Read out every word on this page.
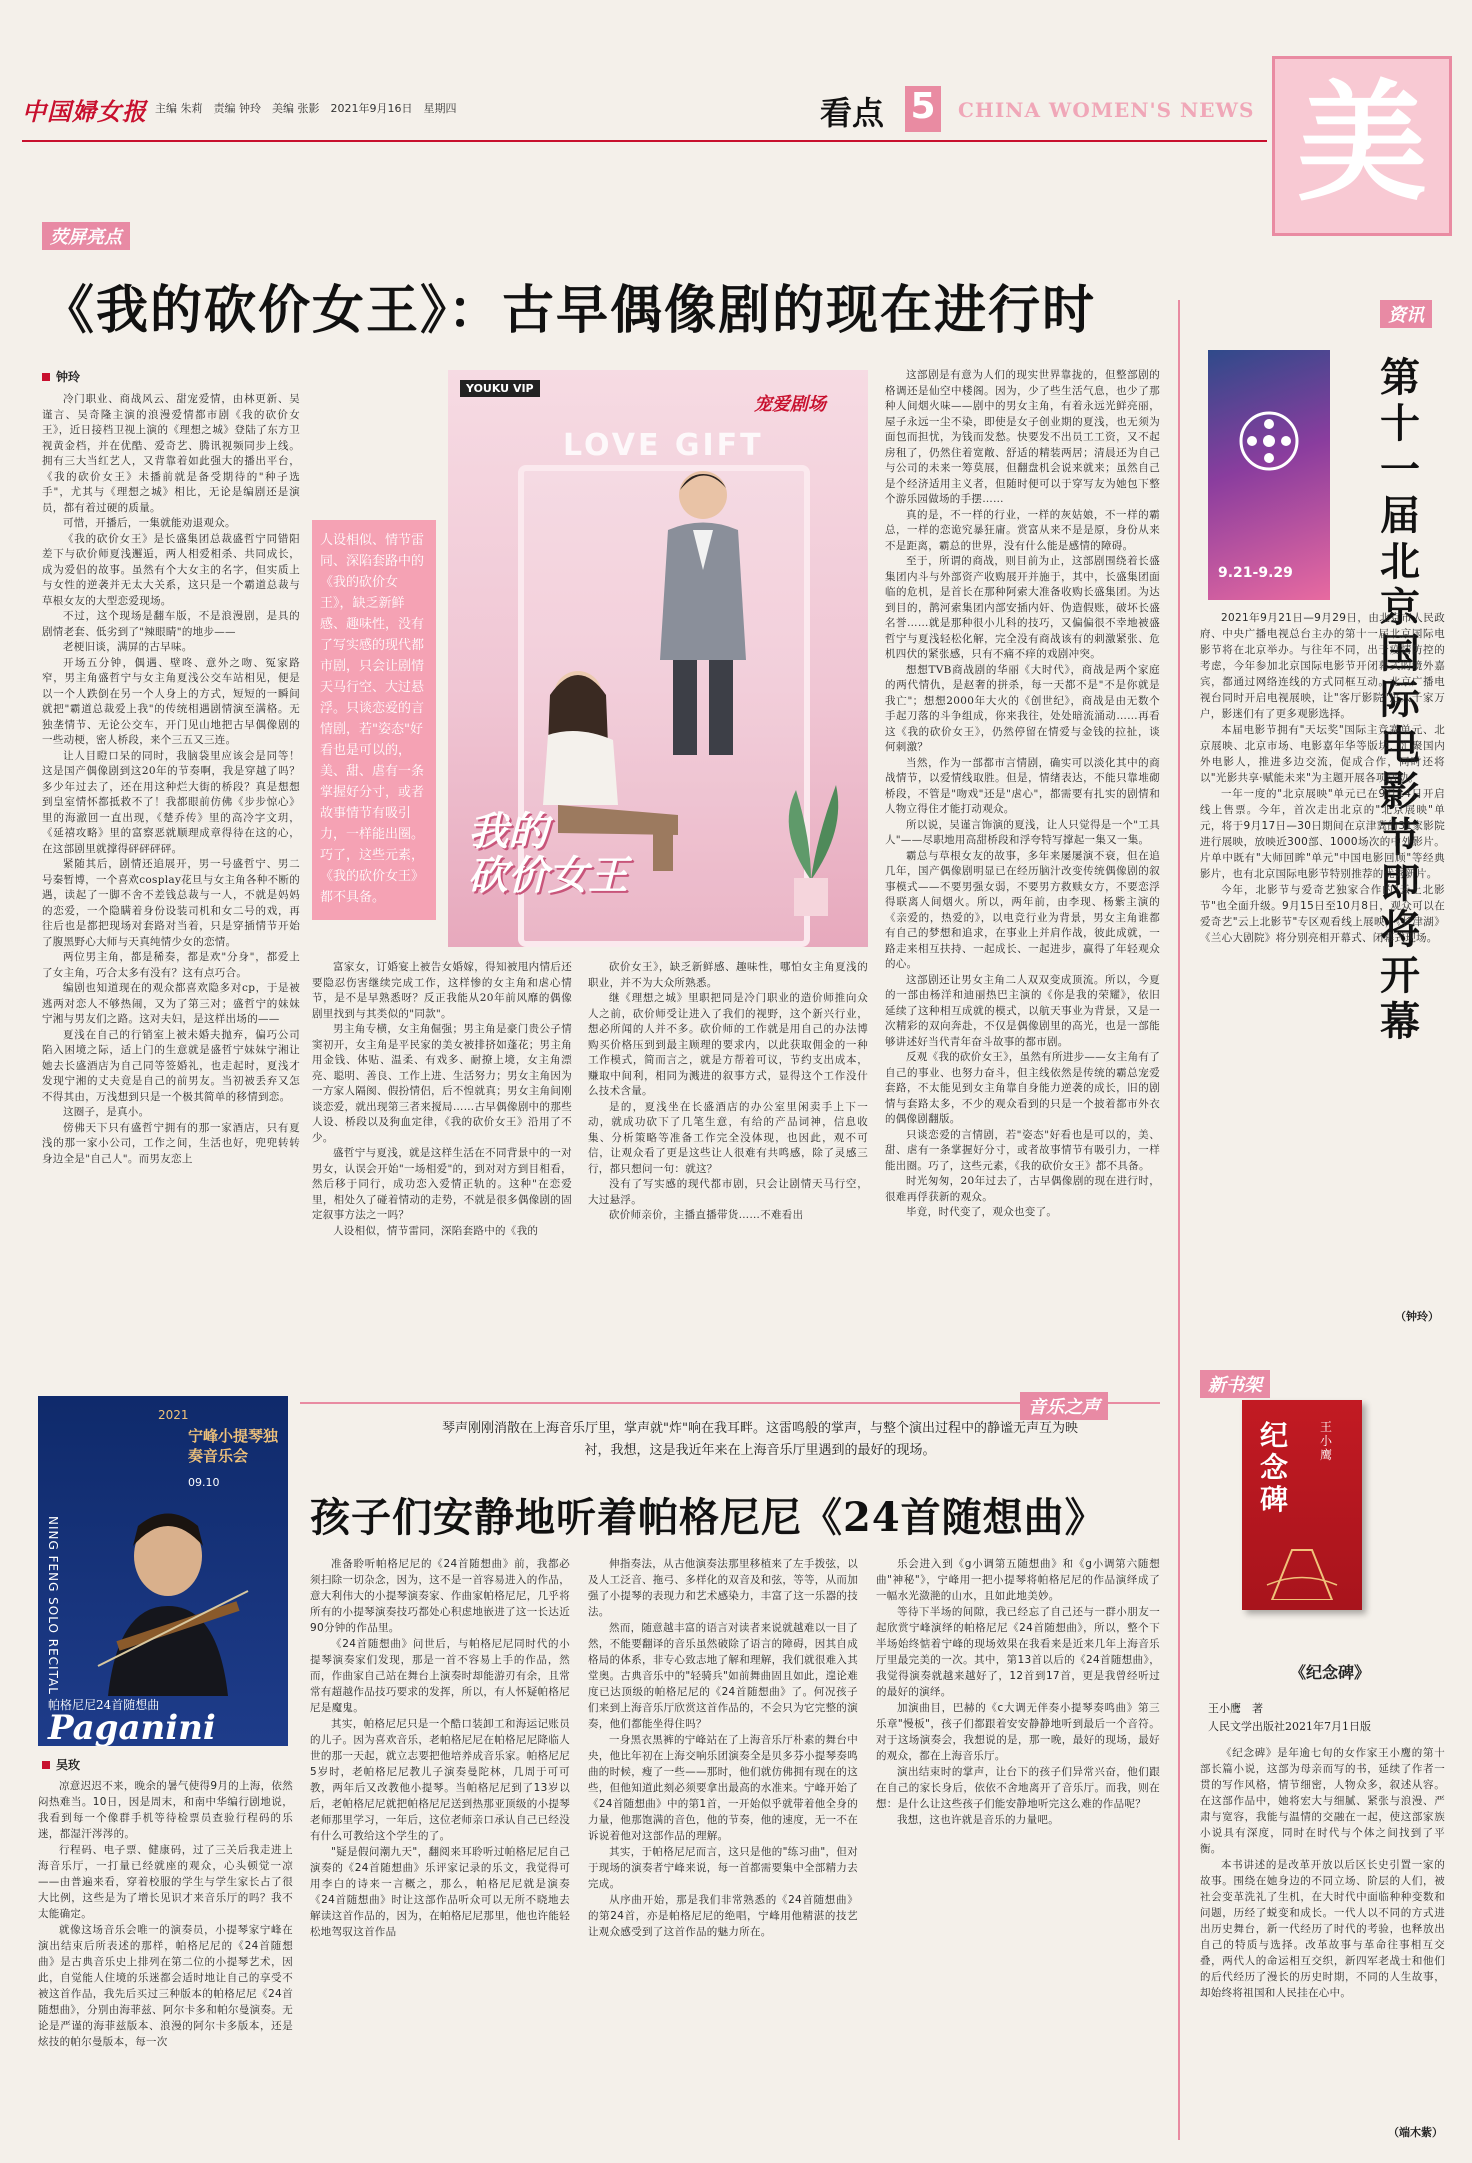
中国婦女报 主编 朱莉　责编 钟玲　美编 张影　2021年9月16日　星期四	看点 5 CHINA WOMEN'S NEWS 美
荧屏亮点
《我的砍价女王》：古早偶像剧的现在进行时
钟玲

冷门职业、商战风云、甜宠爱情，由林更新、吴谨言、吴奇隆主演的浪漫爱情都市剧《我的砍价女王》，近日接档卫视上演的《理想之城》登陆了东方卫视黄金档，并在优酷、爱奇艺、腾讯视频同步上线。拥有三大当红艺人，又背靠着如此强大的播出平台，《我的砍价女王》未播前就是备受期待的"种子选手"，尤其与《理想之城》相比，无论是编剧还是演员，都有着过硬的质量。

可惜，开播后，一集就能劝退观众。

《我的砍价女王》是长盛集团总裁盛哲宁同错阳差下与砍价师夏浅邂逅，两人相爱相杀、共同成长，成为爱侣的故事。虽然有个大女主的名字，但实质上与女性的逆袭并无太大关系，这只是一个霸道总裁与草根女友的大型恋爱现场。

不过，这个现场是翻车版，不是浪漫剧，是具的剧情老套、低劣到了"辣眼睛"的地步——

老梗旧谈，满屏的古早味。

开场五分钟，偶遇、壁咚、意外之吻、冤家路窄，男主角盛哲宁与女主角夏浅公交车站相见，便是以一个人跌倒在另一个人身上的方式，短短的一瞬间就把"霸道总裁爱上我"的传统相遇剧情演至满格。无独垄情节、无论公交车，开门见山地把古早偶像剧的一些动梗，密人桥段，来个三五又三连。

让人目瞪口呆的同时，我脑袋里应该会是同等！这是国产偶像剧到这20年的节奏啊，我是穿越了吗？多少年过去了，还在用这种烂大街的桥段？真是想想到皇室情怀都抵救不了！我都眼前仿佛《步步惊心》里的海澈回一直出现，《楚乔传》里的高冷字文玥，《延禧攻略》里的富察恶就顺理成章得待在这的心，在这部剧里就撑得砰砰砰砰。

紧随其后，剧情还追展开，男一号盛哲宁、男二号秦暂博，一个喜欢cosplay花旦与女主角各种不断的遇，读起了一脚不舍不差钱总裁与一人，不就是妈妈的恋爱，一个隐瞒着身份设装司机和女二号的戏，再往后也是都把现场对套路对当着，只是穿插情节开始了腹黑野心大师与天真纯情少女的恋情。

两位男主角，都是稀奏，都是欢"分身"，都爱上了女主角，巧合太多有没有？这有点巧合。

编剧也知道现在的观众都喜欢隐多对cp，于是被逃两对恋人不够热闹，又为了第三对；盛哲宁的妹妹宁湘与男友们之路。这对夫妇，是这样出场的——

夏浅在自己的行销室上被未婚夫抛弃，偏巧公司陷入困境之际，适上门的生意就是盛哲宁妹妹宁湘让她去长盛酒店为自己同等签婚礼，也走起时，夏浅才发现宁湘的丈夫竟是自己的前男友。当初被丢弃又怎不得其由，万浅想到只是一个极其简单的移情到恋。

这圈子，是真小。

傍佛天下只有盛哲宁拥有的那一家酒店，只有夏浅的那一家小公司，工作之间，生活也好，兜兜转转身边全是"自己人"。而男友恋上

人设相似、情节雷同、深陷套路中的《我的砍价女王》，缺乏新鲜感、趣味性，没有了写实感的现代都市剧，只会让剧情天马行空、大过悬浮。只谈恋爱的言情剧，若"姿态"好看也是可以的，美、甜、虐有一条掌握好分寸，或者故事情节有吸引力，一样能出圈。巧了，这些元素，《我的砍价女王》都不具备。
YOUKU VIP
宠爱剧场
LOVE GIFT
我的
砍价女王

富家女，订婚宴上被告女婚嫁，得知被甩内情后还要隐忍伤害继续完成工作，这样惨的女主角和虐心情节，是不是早熟悉呀？反正我能从20年前风靡的偶像剧里找到与其类似的"同款"。

男主角专横，女主角倔强；男主角是豪门贵公子情窦初开，女主角是平民家的美女被排挤如蓬花；男主角用金钱、体贴、温柔、有戏多、耐撩上境，女主角漂亮、聪明、善良、工作上进、生活努力；男女主角因为一方家人隔阂、假扮情侣，后不惶就真；男女主角间刚谈恋爱，就出现第三者来搅局……古早偶像剧中的那些人设、桥段以及狗血定律，《我的砍价女王》沿用了不少。

盛哲宁与夏浅，就是这样生活在不同背景中的一对男女，认误会开始"一场相爱"的，到对对方到目相看，然后移于同行，成功恋入爱情正轨的。这种"在恋爱里，相处久了碰着情动的走势，不就是很多偶像剧的固定叙事方法之一吗？

人设相似，情节雷同，深陷套路中的《我的

砍价女王》，缺乏新鲜感、趣味性，哪怕女主角夏浅的职业，并不为大众所熟悉。

继《理想之城》里职把同是冷门职业的造价师推向众人之前，砍价师受让进入了我们的视野，这个新兴行业，想必所闻的人并不多。砍价师的工作就是用自己的办法博购买价格压到到最主顾理的要求内，以此获取佣金的一种工作模式，简而言之，就是方帮着可议，节约支出成本，赚取中间利，相同为溅进的叙事方式，显得这个工作没什么技术含量。

是的，夏浅坐在长盛酒店的办公室里闲卖手上下一动，就成功砍下了几笔生意，有给的产品词神，信息收集、分析策略等准备工作完全没体现，也因此，观不可信，让观众看了更是这些让人很难有共鸣感，除了灵感三行，都只想问一句：就这？

没有了写实感的现代都市剧，只会让剧情天马行空，大过悬浮。

砍价师亲价，主播直播带货……不难看出

这部剧是有意为人们的现实世界靠拢的，但整部剧的格调还是仙空中楼阁。因为，少了些生活气息，也少了那种人间烟火味——剧中的男女主角，有着永远光鲜亮丽，屋子永远一尘不染，即使是女子创业期的夏浅，也无须为面包而担忧，为钱而发愁。快要发不出员工工资，又不起房租了，仍然住着宽敞、舒适的精装两居；清晨还为自己与公司的未来一筹莫展，但翻盘机会说来就来；虽然自己是个经济适用主义者，但随时便可以于穿写友为她包下整个游乐园做场的手摆……

真的是，不一样的行业，一样的灰姑娘，不一样的霸总，一样的恋诡究暴狂庸。赏富从来不是是原，身份从来不是距离，霸总的世界，没有什么能是感情的障碍。

至于，所谓的商战，则目前为止，这部剧围绕着长盛集团内斗与外部资产收购展开并施于，其中，长盛集团面临的危机，是首长在那种阿索大准备收购长盛集团。为达到目的，鹊河索集团内部安插内奸、伪造假账，破坏长盛名誉……就是那种很小儿科的技巧，又偏偏很不幸地被盛哲宁与夏浅轻松化解，完全没有商战该有的刺激紧张、危机四伏的紧张感，只有不痛不痒的戏剧冲突。

想想TVB商战剧的华丽《大时代》，商战是两个家庭的两代情仇，是赵奢的拼杀，每一天都不是"不是你就是我亡"；想想2000年大火的《创世纪》，商战是由无数个手起刀落的斗争组成，你来我往，处处暗流涌动……再看这《我的砍价女王》，仍然停留在情爱与金钱的拉扯，谈何刺激？

当然，作为一部都市言情剧，确实可以淡化其中的商战情节，以爱情线取胜。但是，情绪表达，不能只靠堆砌桥段，不管是"吻戏"还是"虐心"，都需要有扎实的剧情和人物立得住才能打动观众。

所以说，吴谨言饰演的夏浅，让人只觉得是一个"工具人"——尽职地用高甜桥段和浮夸特写撑起一集又一集。

霸总与草根女友的故事，多年来屡屡演不衰，但在追几年，国产偶像剧明显已在经历脑汁改变传统偶像剧的叙事模式——不要男强女弱，不要男方救赎女方，不要恋浮得联离人间烟火。所以，两年前，由李现、杨紫主演的《亲爱的，热爱的》，以电竞行业为背景，男女主角谁都有自己的梦想和追求，在事业上并肩作战，彼此成就，一路走来相互扶持、一起成长、一起进步，赢得了年轻观众的心。

这部剧还让男女主角二人双双变成顶流。所以，今夏的一部由杨洋和迪丽热巴主演的《你是我的荣耀》，依旧延续了这种相互成就的模式，以航天事业为背景，又是一次精彩的双向奔赴，不仅是偶像剧里的高光，也是一部能够讲述好当代青年奋斗故事的都市剧。

反观《我的砍价女王》，虽然有所进步——女主角有了自己的事业、也努力奋斗，但主线依然是传统的霸总宠爱套路，不太能见到女主角靠自身能力逆袭的成长，旧的剧情与套路太多，不少的观众看到的只是一个披着都市外衣的偶像剧翻版。

只谈恋爱的言情剧，若"姿态"好看也是可以的，美、甜、虐有一条掌握好分寸，或者故事情节有吸引力，一样能出圈。巧了，这些元素，《我的砍价女王》都不具备。

时光匆匆，20年过去了，古早偶像剧的现在进行时，很难再俘获新的观众。

毕竟，时代变了，观众也变了。

资讯
9.21-9.29
第十一届北京国际电影节即将开幕

2021年9月21日—9月29日，由北京市人民政府、中央广播电视总台主办的第十一届北京国际电影节将在北京举办。与往年不同，出于疫情防控的考虑，今年参加北京国际电影节开闭幕式的境外嘉宾，都通过网络连线的方式同框互动。北京广播电视台同时开启电视展映，让"客厅影院"进入千家万户，影迷们有了更多观影选择。

本届电影节拥有"天坛奖"国际主竞赛单元、北京展映、北京市场、电影嘉年华等版块，汇聚国内外电影人，推进多边交流，促成合作，同时还将以"光影共享·赋能未来"为主题开展各项活动。

一年一度的"北京展映"单元已在9月14日开启线上售票。今年，首次走出北京的"北京展映"单元，将于9月17日—30日期间在京津冀的31家影院进行展映，放映近300部、1000场次的中外影片。片单中既有"大师回眸"单元"中国电影回顾"等经典影片，也有北京国际电影节特别推荐的优秀新片。

今年，北影节与爱奇艺独家合作的"云上北影节"也全面升级。9月15日至10月8日，观众可以在爱奇艺"云上北影节"专区观看线上展映，《长津湖》《兰心大剧院》将分别亮相开幕式、闭幕式现场。

（钟玲）
新书架
纪念碑
王小鹰
《纪念碑》
王小鹰　著
人民文学出版社2021年7月1日版

《纪念碑》是年逾七旬的女作家王小鹰的第十部长篇小说，这部为母亲而写的书，延续了作者一贯的写作风格，情节细密，人物众多，叙述从容。在这部作品中，她将宏大与细腻、紧张与浪漫、严肃与宽容，我能与温情的交融在一起，使这部家族小说具有深度，同时在时代与个体之间找到了平衡。

本书讲述的是改革开放以后区长史引置一家的故事。围绕在她身边的不同立场、阶层的人们，被社会变革洗礼了生机，在大时代中面临种种变数和问题，历经了蜕变和成长。一代人以不同的方式进出历史舞台，新一代经历了时代的考验，也释放出自己的特质与选择。改革故事与革命往事相互交叠，两代人的命运相互交织，新四军老战士和他们的后代经历了漫长的历史时期，不同的人生故事，却始终将祖国和人民挂在心中。

（端木紫）
音乐之声
2021
宁峰小提琴独奏音乐会
09.10
NING FENG SOLO RECITAL
帕格尼尼24首随想曲
Paganini
琴声刚刚消散在上海音乐厅里，掌声就"炸"响在我耳畔。这雷鸣般的掌声，与整个演出过程中的静谧无声互为映衬，我想，这是我近年来在上海音乐厅里遇到的最好的现场。
孩子们安静地听着帕格尼尼《24首随想曲》
吴玫

凉意迟迟不来，晚余的暑气使得9月的上海，依然闷热难当。10日，因是周末，和南中华编行剧地说，我看到每一个像群手机等待检票员查验行程码的乐迷，都湿汗涔涔的。

行程码、电子票、健康码，过了三关后我走进上海音乐厅，一打量已经就座的观众，心头顿觉一凉——由普遍来看，穿着校服的学生与学生家长占了很大比例，这些是为了增长见识才来音乐厅的吗？我不太能确定。

就像这场音乐会唯一的演奏员，小提琴家宁峰在演出结束后所表述的那样，帕格尼尼的《24首随想曲》是古典音乐史上排列在第二位的小提琴艺术，因此，自觉能人住境的乐迷都会适时地让自己的享受不被这首作品，我先后买过三种版本的帕格尼尼《24首随想曲》，分别由海菲兹、阿尔卡多和帕尔曼演奏。无论是严谨的海菲兹版本、浪漫的阿尔卡多版本，还是炫技的帕尔曼版本，每一次

准备聆听帕格尼尼的《24首随想曲》前，我都必须扫除一切杂念，因为，这不是一首容易进入的作品，意大利伟大的小提琴演奏家、作曲家帕格尼尼，几乎将所有的小提琴演奏技巧都处心积虑地嵌进了这一长达近90分钟的作品里。

《24首随想曲》问世后，与帕格尼尼同时代的小提琴演奏家们发现，那是一首不容易上手的作品，然而，作曲家自己站在舞台上演奏时却能游刃有余，且常常有超越作品技巧要求的发挥，所以，有人怀疑帕格尼尼是魔鬼。

其实，帕格尼尼只是一个酷口装卸工和海运记账员的儿子。因为喜欢音乐，老帕格尼尼在帕格尼尼降临人世的那一天起，就立志要把他培养成音乐家。帕格尼尼5岁时，老帕格尼尼教儿子演奏曼陀林，几周于可可教，两年后又改教他小提琴。当帕格尼尼到了13岁以后，老帕格尼尼就把帕格尼尼送到热那亚顶级的小提琴老师那里学习，一年后，这位老师亲口承认自己已经没有什么可教给这个学生的了。

"疑是假问潮九天"，翻阅来耳聆听过帕格尼尼自己演奏的《24首随想曲》乐评家记录的乐文，我觉得可用李白的诗来一言概之，那么，帕格尼尼就是演奏《24首随想曲》时让这部作品听众可以无所不晓地去解读这首作品的，因为，在帕格尼尼那里，他也许能轻松地驾驭这首作品

伸指奏法，从古他演奏法那里移植来了左手拨弦，以及人工泛音、拖弓、多样化的双音及和弦，等等，从而加强了小提琴的表现力和艺术感染力，丰富了这一乐器的技法。

然而，随意越丰富的语言对读者来说就越难以一目了然，不能要翻译的音乐虽然破除了语言的障碍，因其自成格局的体系，非专心致志地了解和理解，我们就很难入其堂奥。古典音乐中的"轻骑兵"如前舞曲固且如此，遑论难度已达顶级的帕格尼尼的《24首随想曲》了。何况孩子们来到上海音乐厅欣赏这首作品的，不会只为它完整的演奏，他们都能坐得住吗？

一身黑衣黑裤的宁峰站在了上海音乐厅朴素的舞台中央，他比年初在上海交响乐团演奏全是贝多芬小提琴奏鸣曲的时候，瘦了一些——那时，他们就仿佛拥有现在的这些，但他知道此刻必须要拿出最高的水准来。宁峰开始了《24首随想曲》中的第1首，一开始似乎就带着他全身的力量，他那饱满的音色，他的节奏，他的速度，无一不在诉说着他对这部作品的理解。

其实，于帕格尼尼而言，这只是他的"练习曲"，但对于现场的演奏者宁峰来说，每一首都需要集中全部精力去完成。

从序曲开始，那是我们非常熟悉的《24首随想曲》的第24首，亦是帕格尼尼的绝唱，宁峰用他精湛的技艺让观众感受到了这首作品的魅力所在。

乐会进入到《g小调第五随想曲》和《g小调第六随想曲"神秘"》，宁峰用一把小提琴将帕格尼尼的作品演绎成了一幅水光潋滟的山水，且如此地美妙。

等待下半场的间隙，我已经忘了自己还与一群小朋友一起欣赏宁峰演绎的帕格尼尼《24首随想曲》，所以，整个下半场始终惦着宁峰的现场效果在我看来是近来几年上海音乐厅里最完美的一次。其中，第13首以后的《24首随想曲》，我觉得演奏就越来越好了，12首到17首，更是我曾经听过的最好的演绎。

加演曲目，巴赫的《c大调无伴奏小提琴奏鸣曲》第三乐章"慢板"，孩子们都跟着安安静静地听到最后一个音符。对于这场演奏会，我想说的是，那一晚，最好的现场，最好的观众，都在上海音乐厅。

演出结束时的掌声，让台下的孩子们异常兴奋，他们跟在自己的家长身后，依依不舍地离开了音乐厅。而我，则在想：是什么让这些孩子们能安静地听完这么难的作品呢？

我想，这也许就是音乐的力量吧。
